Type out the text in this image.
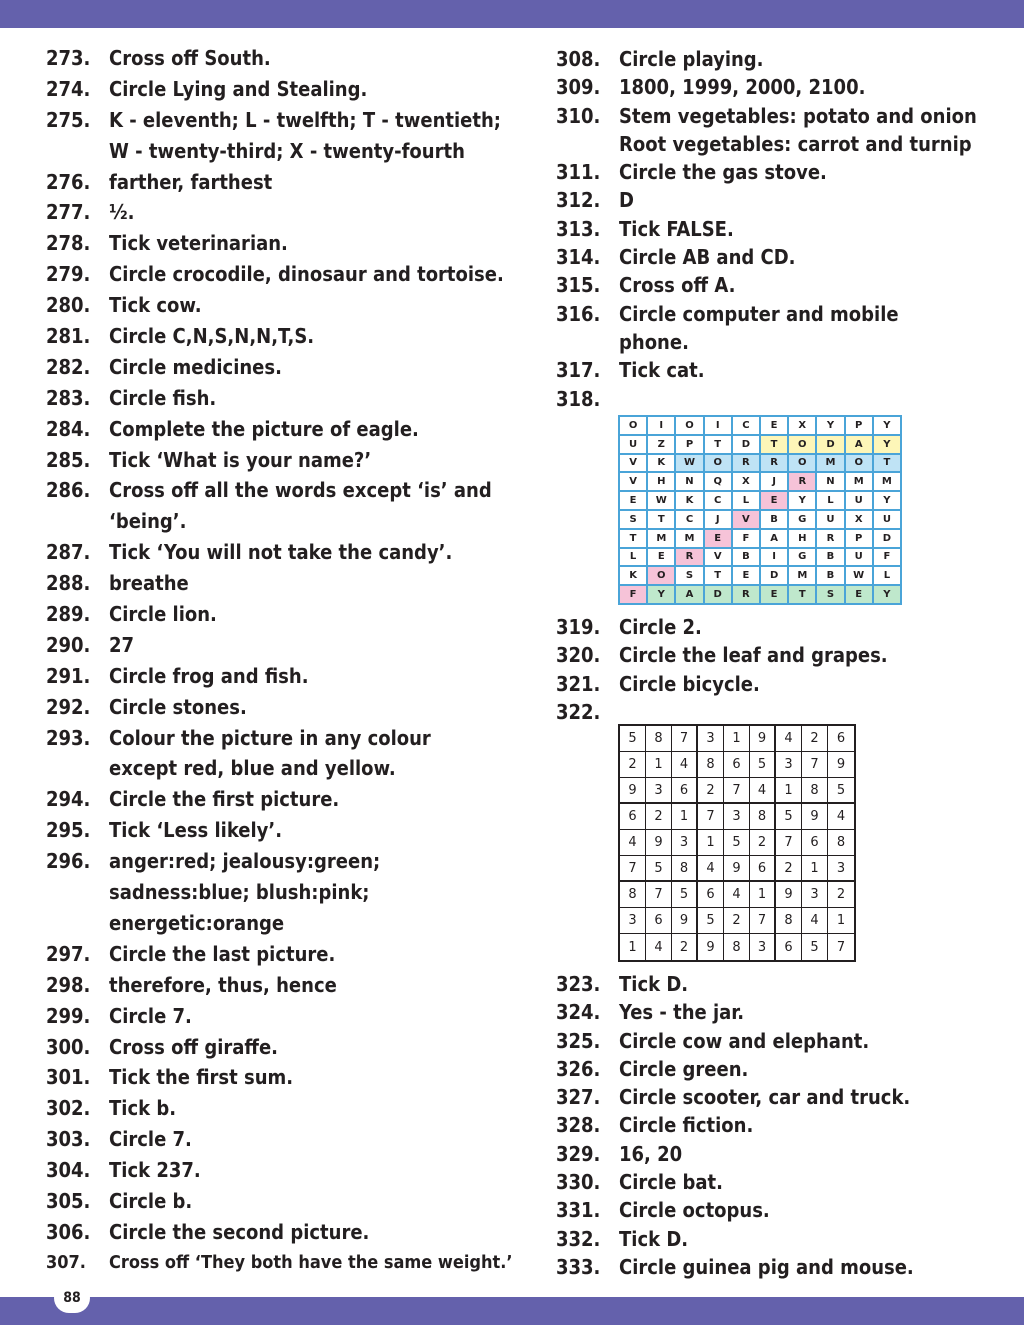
273. Cross off South.
274. Circle Lying and Stealing.
275. K - eleventh; L - twelfth; T - twentieth;
W - twenty-third; X - twenty-fourth
276. farther, farthest
277. ½.
278. Tick veterinarian.
279. Circle crocodile, dinosaur and tortoise.
280. Tick cow.
281. Circle C,N,S,N,N,T,S.
282. Circle medicines.
283. Circle fish.
284. Complete the picture of eagle.
285. Tick ‘What is your name?’
286. Cross off all the words except ‘is’ and
‘being’.
287. Tick ‘You will not take the candy’.
288. breathe
289. Circle lion.
290. 27
291. Circle frog and fish.
292. Circle stones.
293. Colour the picture in any colour
except red, blue and yellow.
294. Circle the first picture.
295. Tick ‘Less likely’.
296. anger:red; jealousy:green;
sadness:blue; blush:pink;
energetic:orange
297. Circle the last picture.
298. therefore, thus, hence
299. Circle 7.
300. Cross off giraffe.
301. Tick the first sum.
302. Tick b.
303. Circle 7.
304. Tick 237.
305. Circle b.
306. Circle the second picture.
307. Cross off ‘They both have the same weight.’
308. Circle playing.
309. 1800, 1999, 2000, 2100.
310. Stem vegetables: potato and onion
Root vegetables: carrot and turnip
311. Circle the gas stove.
312. D
313. Tick FALSE.
314. Circle AB and CD.
315. Cross off A.
316. Circle computer and mobile
phone.
317. Tick cat.
318.
319. Circle 2.
320. Circle the leaf and grapes.
321. Circle bicycle.
322.
323. Tick D.
324. Yes - the jar.
325. Circle cow and elephant.
326. Circle green.
327. Circle scooter, car and truck.
328. Circle fiction.
329. 16, 20
330. Circle bat.
331. Circle octopus.
332. Tick D.
333. Circle guinea pig and mouse.
O	I	O	I	C	E	X	Y	P	Y
U	Z	P	T	D	T	O	D	A	Y
V	K	W	O	R	R	O	M	O	T
V	H	N	Q	X	J	R	N	M	M
E	W	K	C	L	E	Y	L	U	Y
S	T	C	J	V	B	G	U	X	U
T	M	M	E	F	A	H	R	P	D
L	E	R	V	B	I	G	B	U	F
K	O	S	T	E	D	M	B	W	L
F	Y	A	D	R	E	T	S	E	Y
5	8	7	3	1	9	4	2	6
2	1	4	8	6	5	3	7	9
9	3	6	2	7	4	1	8	5
6	2	1	7	3	8	5	9	4
4	9	3	1	5	2	7	6	8
7	5	8	4	9	6	2	1	3
8	7	5	6	4	1	9	3	2
3	6	9	5	2	7	8	4	1
1	4	2	9	8	3	6	5	7
88
